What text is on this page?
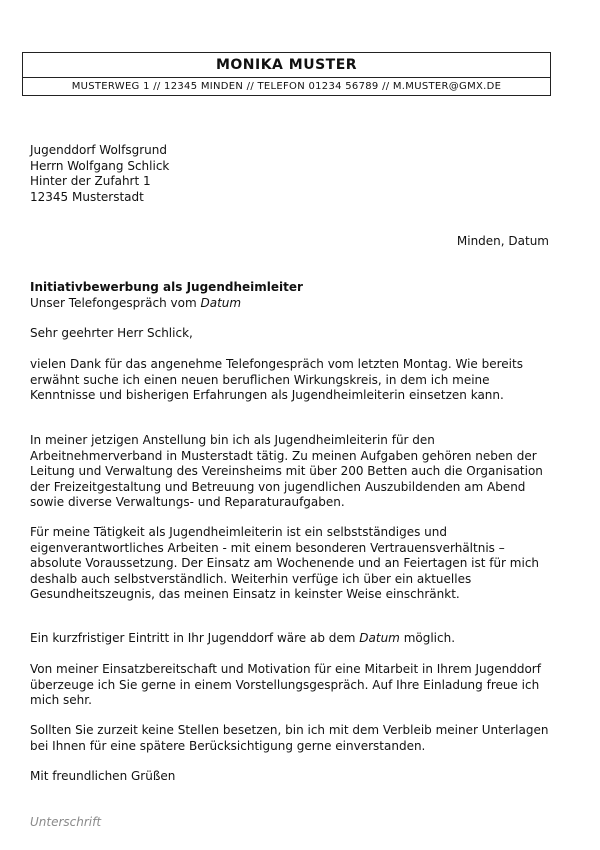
MONIKA MUSTER
MUSTERWEG 1 // 12345 MINDEN // TELEFON 01234 56789 // M.MUSTER@GMX.DE

Jugenddorf Wolfsgrund

Herrn Wolfgang Schlick

Hinter der Zufahrt 1

12345 Musterstadt

Minden, Datum

Initiativbewerbung als Jugendheimleiter

Unser Telefongespräch vom Datum

Sehr geehrter Herr Schlick,
vielen Dank für das angenehme Telefongespräch vom letzten Montag. Wie bereits erwähnt suche ich einen neuen beruflichen Wirkungskreis, in dem ich meine Kenntnisse und bisherigen Erfahrungen als Jugendheimleiterin einsetzen kann.
In meiner jetzigen Anstellung bin ich als Jugendheimleiterin für den Arbeitnehmerverband in Musterstadt tätig. Zu meinen Aufgaben gehören neben der Leitung und Verwaltung des Vereinsheims mit über 200 Betten auch die Organisation der Freizeitgestaltung und Betreuung von jugendlichen Auszubildenden am Abend sowie diverse Verwaltungs- und Reparaturaufgaben.
Für meine Tätigkeit als Jugendheimleiterin ist ein selbstständiges und eigenverantwortliches Arbeiten - mit einem besonderen Vertrauensverhältnis – absolute Voraussetzung. Der Einsatz am Wochenende und an Feiertagen ist für mich deshalb auch selbstverständlich. Weiterhin verfüge ich über ein aktuelles Gesundheitszeugnis, das meinen Einsatz in keinster Weise einschränkt.
Ein kurzfristiger Eintritt in Ihr Jugenddorf wäre ab dem Datum möglich.
Von meiner Einsatzbereitschaft und Motivation für eine Mitarbeit in Ihrem Jugenddorf überzeuge ich Sie gerne in einem Vorstellungsgespräch. Auf Ihre Einladung freue ich mich sehr.
Sollten Sie zurzeit keine Stellen besetzen, bin ich mit dem Verbleib meiner Unterlagen bei Ihnen für eine spätere Berücksichtigung gerne einverstanden.
Mit freundlichen Grüßen
Unterschrift
